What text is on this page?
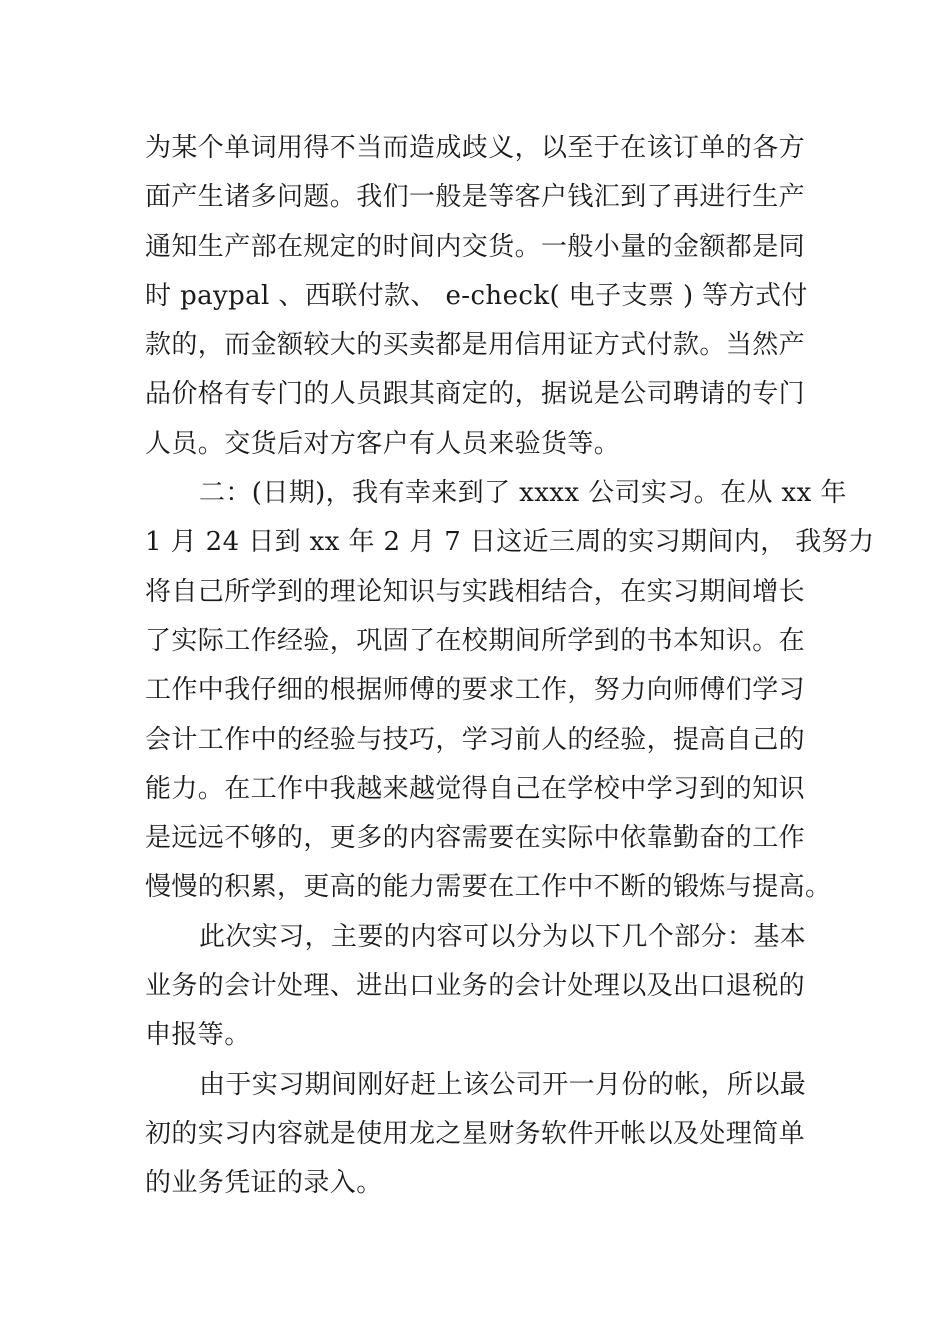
为某个单词用得不当而造成歧义，以至于在该订单的各方
面产生诸多问题。我们一般是等客户钱汇到了再进行生产
通知生产部在规定的时间内交货。一般小量的金额都是同
时 paypal 、西联付款、 e-check( 电子支票 ) 等方式付
款的，而金额较大的买卖都是用信用证方式付款。当然产
品价格有专门的人员跟其商定的，据说是公司聘请的专门
人员。交货后对方客户有人员来验货等。
二：(日期)，我有幸来到了 xxxx 公司实习。在从 xx 年
1 月 24 日到 xx 年 2 月 7 日这近三周的实习期间内， 我努力
将自己所学到的理论知识与实践相结合，在实习期间增长
了实际工作经验，巩固了在校期间所学到的书本知识。在
工作中我仔细的根据师傅的要求工作，努力向师傅们学习
会计工作中的经验与技巧，学习前人的经验，提高自己的
能力。在工作中我越来越觉得自己在学校中学习到的知识
是远远不够的，更多的内容需要在实际中依靠勤奋的工作
慢慢的积累，更高的能力需要在工作中不断的锻炼与提高。
此次实习，主要的内容可以分为以下几个部分：基本
业务的会计处理、进出口业务的会计处理以及出口退税的
申报等。
由于实习期间刚好赶上该公司开一月份的帐，所以最
初的实习内容就是使用龙之星财务软件开帐以及处理简单
的业务凭证的录入。
